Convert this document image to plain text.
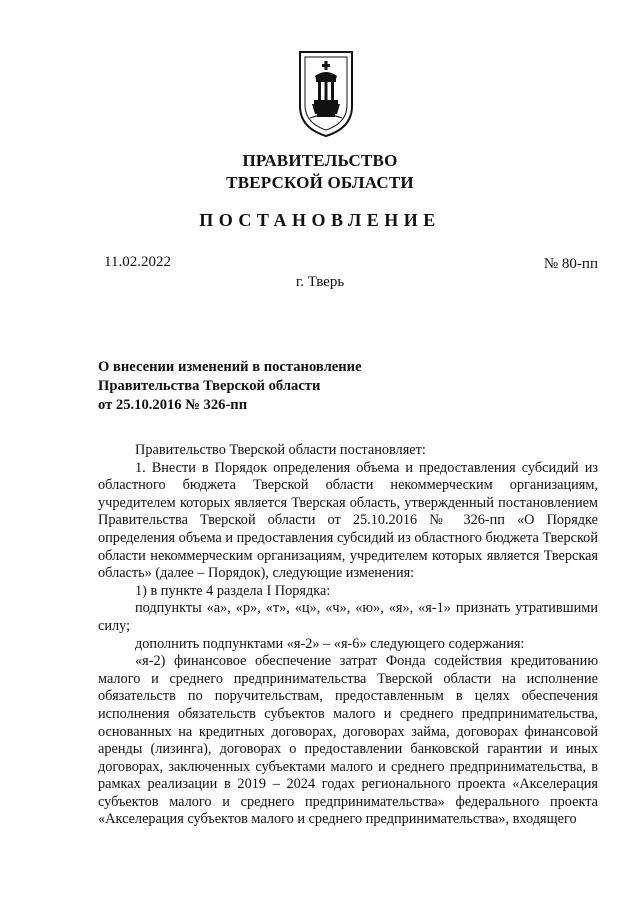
ПРАВИТЕЛЬСТВО
ТВЕРСКОЙ ОБЛАСТИ
ПОСТАНОВЛЕНИЕ
11.02.2022	№ 80-пп
г. Тверь
О внесении изменений в постановление
Правительства Тверской области
от 25.10.2016 № 326-пп

Правительство Тверской области постановляет:

1. Внести в Порядок определения объема и предоставления субсидий из областного бюджета Тверской области некоммерческим организациям, учредителем которых является Тверская область, утвержденный постановлением Правительства Тверской области от 25.10.2016 № 326-пп «О Порядке определения объема и предоставления субсидий из областного бюджета Тверской области некоммерческим организациям, учредителем которых является Тверская область» (далее – Порядок), следующие изменения:

1) в пункте 4 раздела I Порядка:

подпункты «а», «р», «т», «ц», «ч», «ю», «я», «я-1» признать утратившими силу;

дополнить подпунктами «я-2» – «я-6» следующего содержания:

«я-2) финансовое обеспечение затрат Фонда содействия кредитованию малого и среднего предпринимательства Тверской области на исполнение обязательств по поручительствам, предоставленным в целях обеспечения исполнения обязательств субъектов малого и среднего предпринимательства, основанных на кредитных договорах, договорах займа, договорах финансовой аренды (лизинга), договорах о предоставлении банковской гарантии и иных договорах, заключенных субъектами малого и среднего предпринимательства, в рамках реализации в 2019 – 2024 годах регионального проекта «Акселерация субъектов малого и среднего предпринимательства» федерального проекта «Акселерация субъектов малого и среднего предпринимательства», входящего
